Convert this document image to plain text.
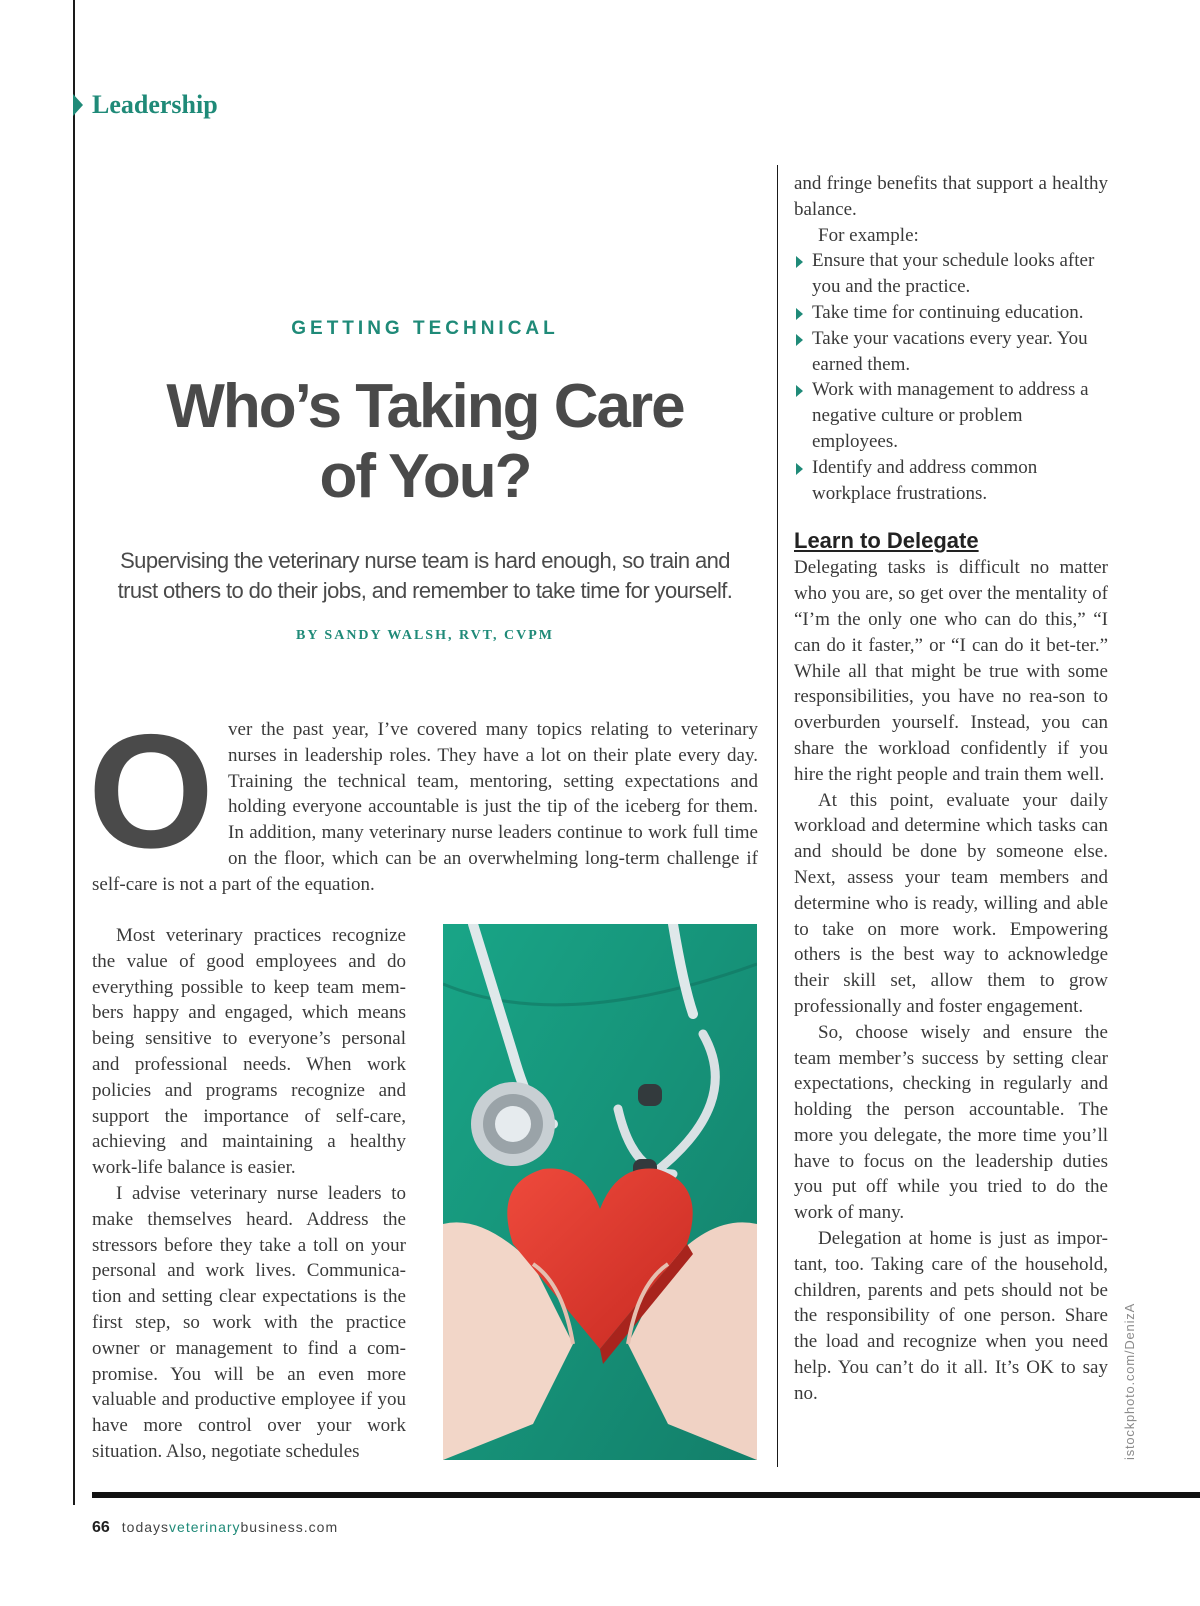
Leadership
GETTING TECHNICAL
Who’s Taking Care
of You?
Supervising the veterinary nurse team is hard enough, so train and trust others to do their jobs, and remember to take time for yourself.
BY SANDY WALSH, RVT, CVPM
O ver the past year, I’ve covered many topics relating to veterinary nurses in leadership roles. They have a lot on their plate every day. Training the technical team, mentoring, setting expectations and holding everyone accountable is just the tip of the iceberg for them. In addition, many veterinary nurse leaders continue to work full time on the floor, which can be an overwhelming long-term challenge if self-care is not a part of the equation.

Most veterinary practices recognize the value of good employees and do everything possible to keep team mem-bers happy and engaged, which means being sensitive to everyone’s personal and professional needs. When work policies and programs recognize and support the importance of self-care, achieving and maintaining a healthy work-life balance is easier.

I advise veterinary nurse leaders to make themselves heard. Address the stressors before they take a toll on your personal and work lives. Communica-tion and setting clear expectations is the first step, so work with the practice owner or management to find a com-promise. You will be an even more valuable and productive employee if you have more control over your work situation. Also, negotiate schedules

and fringe benefits that support a healthy balance.

For example:

Ensure that your schedule looks after you and the practice.
Take time for continuing education.
Take your vacations every year. You earned them.
Work with management to address a negative culture or problem employees.
Identify and address common workplace frustrations.
Learn to Delegate

Delegating tasks is difficult no matter who you are, so get over the mentality of “I’m the only one who can do this,” “I can do it faster,” or “I can do it bet-ter.” While all that might be true with some responsibilities, you have no rea-son to overburden yourself. Instead, you can share the workload confidently if you hire the right people and train them well.

At this point, evaluate your daily workload and determine which tasks can and should be done by someone else. Next, assess your team members and determine who is ready, willing and able to take on more work. Empowering others is the best way to acknowledge their skill set, allow them to grow professionally and foster engagement.

So, choose wisely and ensure the team member’s success by setting clear expectations, checking in regularly and holding the person accountable. The more you delegate, the more time you’ll have to focus on the leadership duties you put off while you tried to do the work of many.

Delegation at home is just as impor-tant, too. Taking care of the household, children, parents and pets should not be the responsibility of one person. Share the load and recognize when you need help. You can’t do it all. It’s OK to say no.	istockphoto.com/DenizA
66 todaysveterinarybusiness.com
